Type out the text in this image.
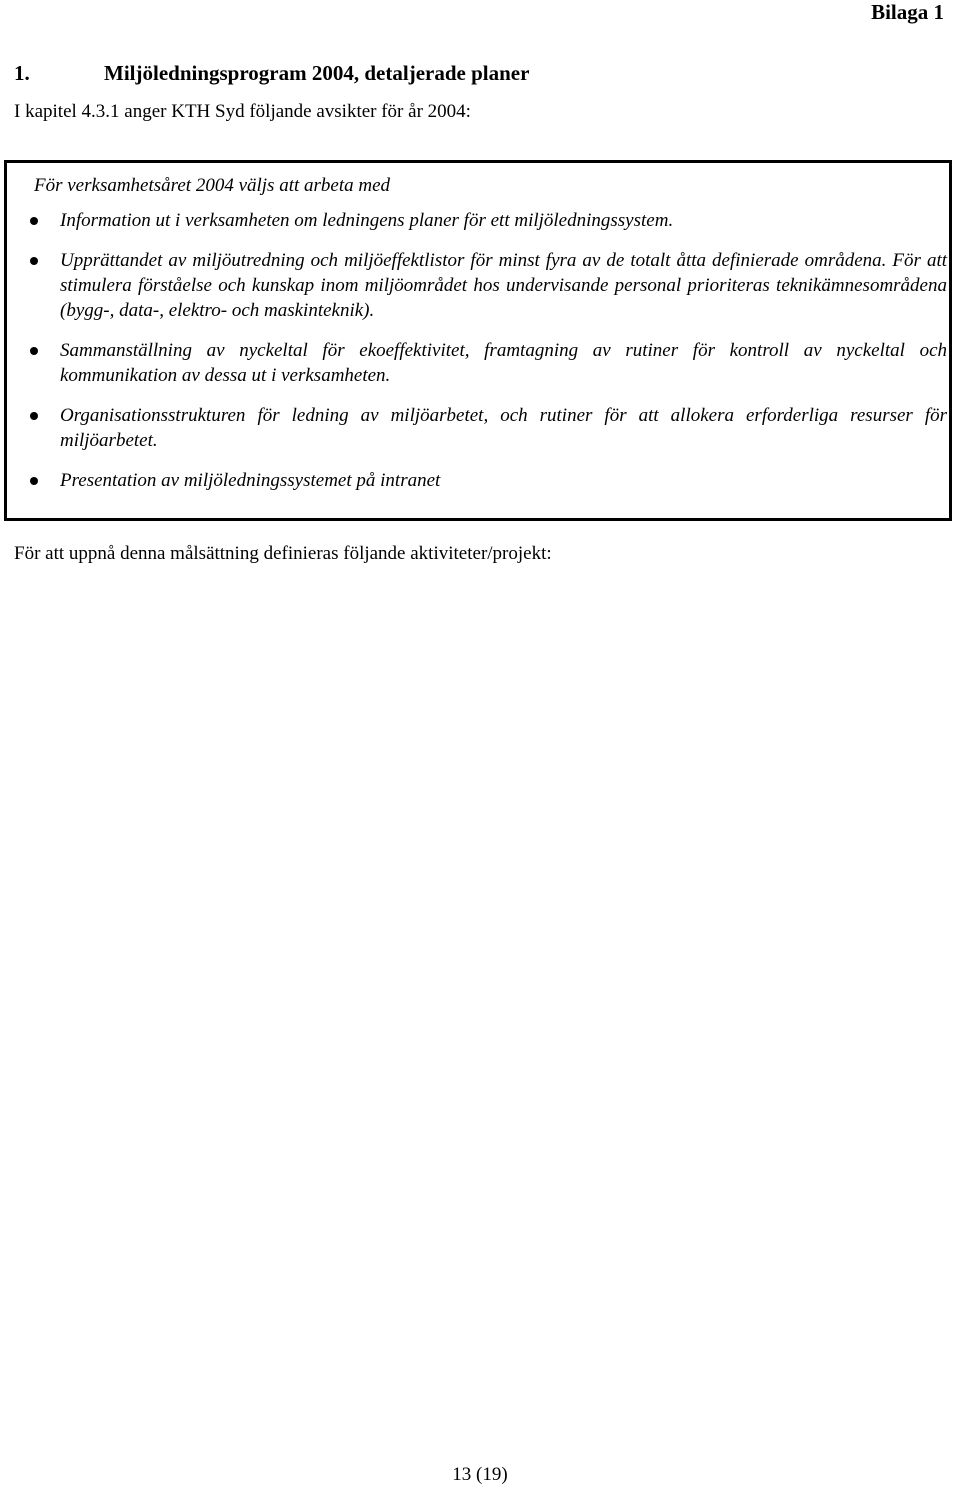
Bilaga 1
1.	Miljöledningsprogram 2004, detaljerade planer
I kapitel 4.3.1 anger KTH Syd följande avsikter för år 2004:
För verksamhetsåret 2004 väljs att arbeta med
Information ut i verksamheten om ledningens planer för ett miljöledningssystem.
Upprättandet av miljöutredning och miljöeffektlistor för minst fyra av de totalt åtta definierade områdena. För att stimulera förståelse och kunskap inom miljöområdet hos undervisande personal prioriteras teknikämnesområdena (bygg-, data-, elektro- och maskinteknik).
Sammanställning av nyckeltal för ekoeffektivitet, framtagning av rutiner för kontroll av nyckeltal och kommunikation av dessa ut i verksamheten.
Organisationsstrukturen för ledning av miljöarbetet, och rutiner för att allokera erforderliga resurser för miljöarbetet.
Presentation av miljöledningssystemet på intranet
För att uppnå denna målsättning definieras följande aktiviteter/projekt:
13 (19)
